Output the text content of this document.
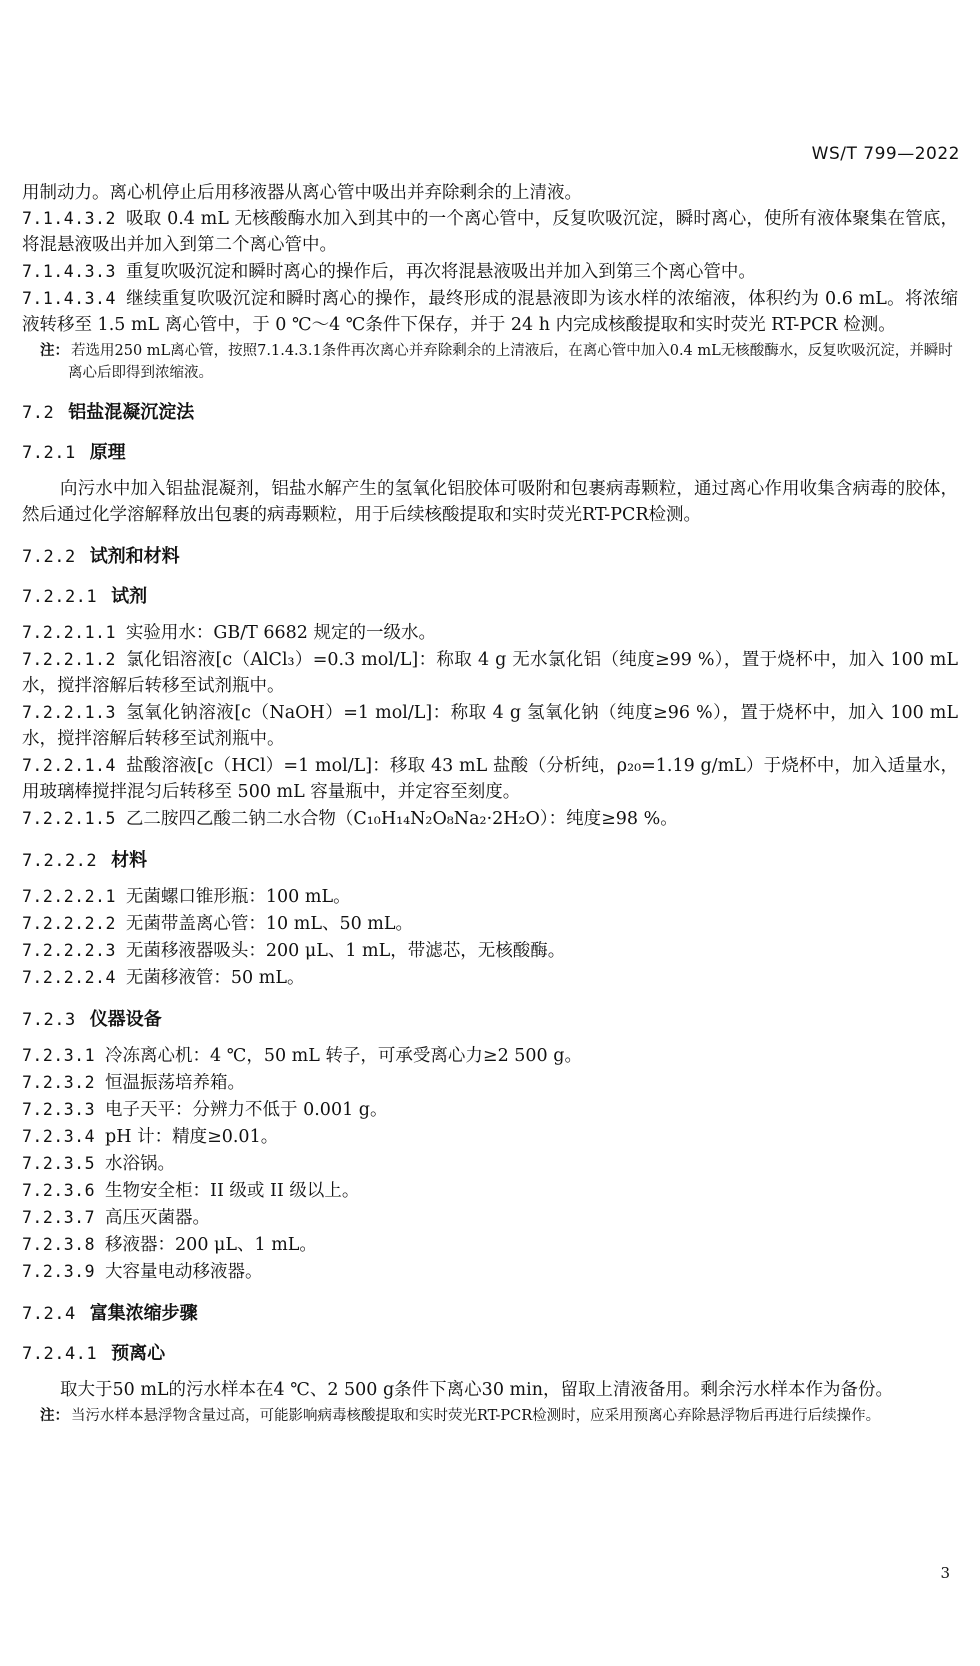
WS/T 799—2022

用制动力。离心机停止后用移液器从离心管中吸出并弃除剩余的上清液。

7.1.4.3.2 吸取 0.4 mL 无核酸酶水加入到其中的一个离心管中，反复吹吸沉淀，瞬时离心，使所有液体聚集在管底，将混悬液吸出并加入到第二个离心管中。

7.1.4.3.3 重复吹吸沉淀和瞬时离心的操作后，再次将混悬液吸出并加入到第三个离心管中。

7.1.4.3.4 继续重复吹吸沉淀和瞬时离心的操作，最终形成的混悬液即为该水样的浓缩液，体积约为 0.6 mL。将浓缩液转移至 1.5 mL 离心管中，于 0 ℃～4 ℃条件下保存，并于 24 h 内完成核酸提取和实时荧光 RT-PCR 检测。

注： 若选用250 mL离心管，按照7.1.4.3.1条件再次离心并弃除剩余的上清液后，在离心管中加入0.4 mL无核酸酶水，反复吹吸沉淀，并瞬时离心后即得到浓缩液。

7.2 铝盐混凝沉淀法
7.2.1 原理

向污水中加入铝盐混凝剂，铝盐水解产生的氢氧化铝胶体可吸附和包裹病毒颗粒，通过离心作用收集含病毒的胶体，然后通过化学溶解释放出包裹的病毒颗粒，用于后续核酸提取和实时荧光RT-PCR检测。

7.2.2 试剂和材料
7.2.2.1 试剂

7.2.2.1.1 实验用水：GB/T 6682 规定的一级水。

7.2.2.1.2 氯化铝溶液[c（AlCl₃）=0.3 mol/L]：称取 4 g 无水氯化铝（纯度≥99 %），置于烧杯中，加入 100 mL 水，搅拌溶解后转移至试剂瓶中。

7.2.2.1.3 氢氧化钠溶液[c（NaOH）=1 mol/L]：称取 4 g 氢氧化钠（纯度≥96 %），置于烧杯中，加入 100 mL 水，搅拌溶解后转移至试剂瓶中。

7.2.2.1.4 盐酸溶液[c（HCl）=1 mol/L]：移取 43 mL 盐酸（分析纯，ρ₂₀=1.19 g/mL）于烧杯中，加入适量水，用玻璃棒搅拌混匀后转移至 500 mL 容量瓶中，并定容至刻度。

7.2.2.1.5 乙二胺四乙酸二钠二水合物（C₁₀H₁₄N₂O₈Na₂·2H₂O）：纯度≥98 %。

7.2.2.2 材料

7.2.2.2.1 无菌螺口锥形瓶：100 mL。

7.2.2.2.2 无菌带盖离心管：10 mL、50 mL。

7.2.2.2.3 无菌移液器吸头：200 μL、1 mL，带滤芯，无核酸酶。

7.2.2.2.4 无菌移液管：50 mL。

7.2.3 仪器设备

7.2.3.1 冷冻离心机：4 ℃，50 mL 转子，可承受离心力≥2 500 g。

7.2.3.2 恒温振荡培养箱。

7.2.3.3 电子天平：分辨力不低于 0.001 g。

7.2.3.4 pH 计：精度≥0.01。

7.2.3.5 水浴锅。

7.2.3.6 生物安全柜：II 级或 II 级以上。

7.2.3.7 高压灭菌器。

7.2.3.8 移液器：200 μL、1 mL。

7.2.3.9 大容量电动移液器。

7.2.4 富集浓缩步骤
7.2.4.1 预离心

取大于50 mL的污水样本在4 ℃、2 500 g条件下离心30 min，留取上清液备用。剩余污水样本作为备份。

注： 当污水样本悬浮物含量过高，可能影响病毒核酸提取和实时荧光RT-PCR检测时，应采用预离心弃除悬浮物后再进行后续操作。

3
